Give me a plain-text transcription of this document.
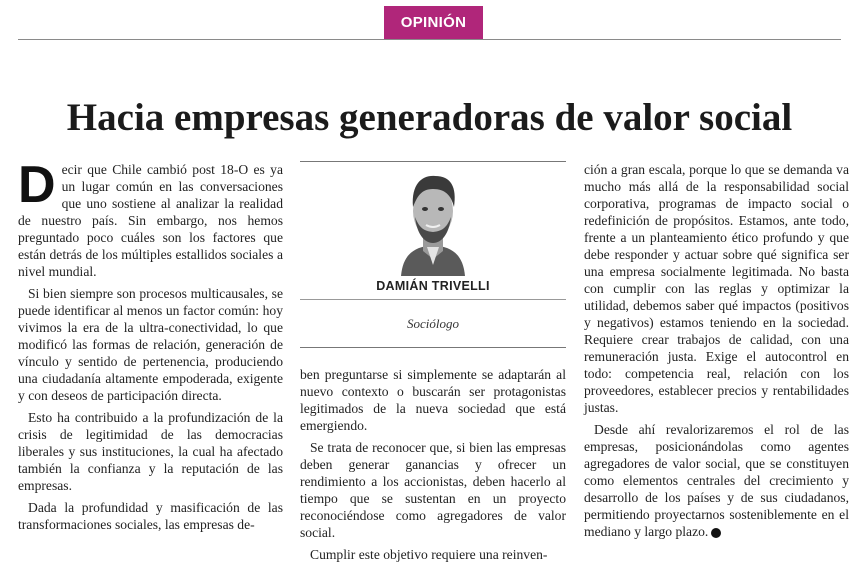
OPINIÓN
Hacia empresas generadoras de valor social

Decir que Chile cambió post 18-O es ya un lugar común en las conversaciones que uno sostiene al analizar la realidad de nuestro país. Sin embargo, nos hemos preguntado poco cuáles son los factores que están detrás de los múltiples estallidos sociales a nivel mundial.

Si bien siempre son procesos multicausales, se puede identificar al menos un factor común: hoy vivimos la era de la ultra-conectividad, lo que modificó las formas de relación, generación de vínculo y sentido de pertenencia, produciendo una ciudadanía altamente empoderada, exigente y con deseos de participación directa.

Esto ha contribuido a la profundización de la crisis de legitimidad de las democracias liberales y sus instituciones, la cual ha afectado también la confianza y la reputación de las empresas.

Dada la profundidad y masificación de las transformaciones sociales, las empresas de-

DAMIÁN TRIVELLI
Sociólogo

ben preguntarse si simplemente se adaptarán al nuevo contexto o buscarán ser protagonistas legitimados de la nueva sociedad que está emergiendo.

Se trata de reconocer que, si bien las empresas deben generar ganancias y ofrecer un rendimiento a los accionistas, deben hacerlo al tiempo que se sustentan en un proyecto reconociéndose como agregadores de valor social.

Cumplir este objetivo requiere una reinven-

ción a gran escala, porque lo que se demanda va mucho más allá de la responsabilidad social corporativa, programas de impacto social o redefinición de propósitos. Estamos, ante todo, frente a un planteamiento ético profundo y que debe responder y actuar sobre qué significa ser una empresa socialmente legitimada. No basta con cumplir con las reglas y optimizar la utilidad, debemos saber qué impactos (positivos y negativos) estamos teniendo en la sociedad. Requiere crear trabajos de calidad, con una remuneración justa. Exige el autocontrol en todo: competencia real, relación con los proveedores, establecer precios y rentabilidades justas.

Desde ahí revalorizaremos el rol de las empresas, posicionándolas como agentes agregadores de valor social, que se constituyen como elementos centrales del crecimiento y desarrollo de los países y de sus ciudadanos, permitiendo proyectarnos sosteniblemente en el mediano y largo plazo. P
